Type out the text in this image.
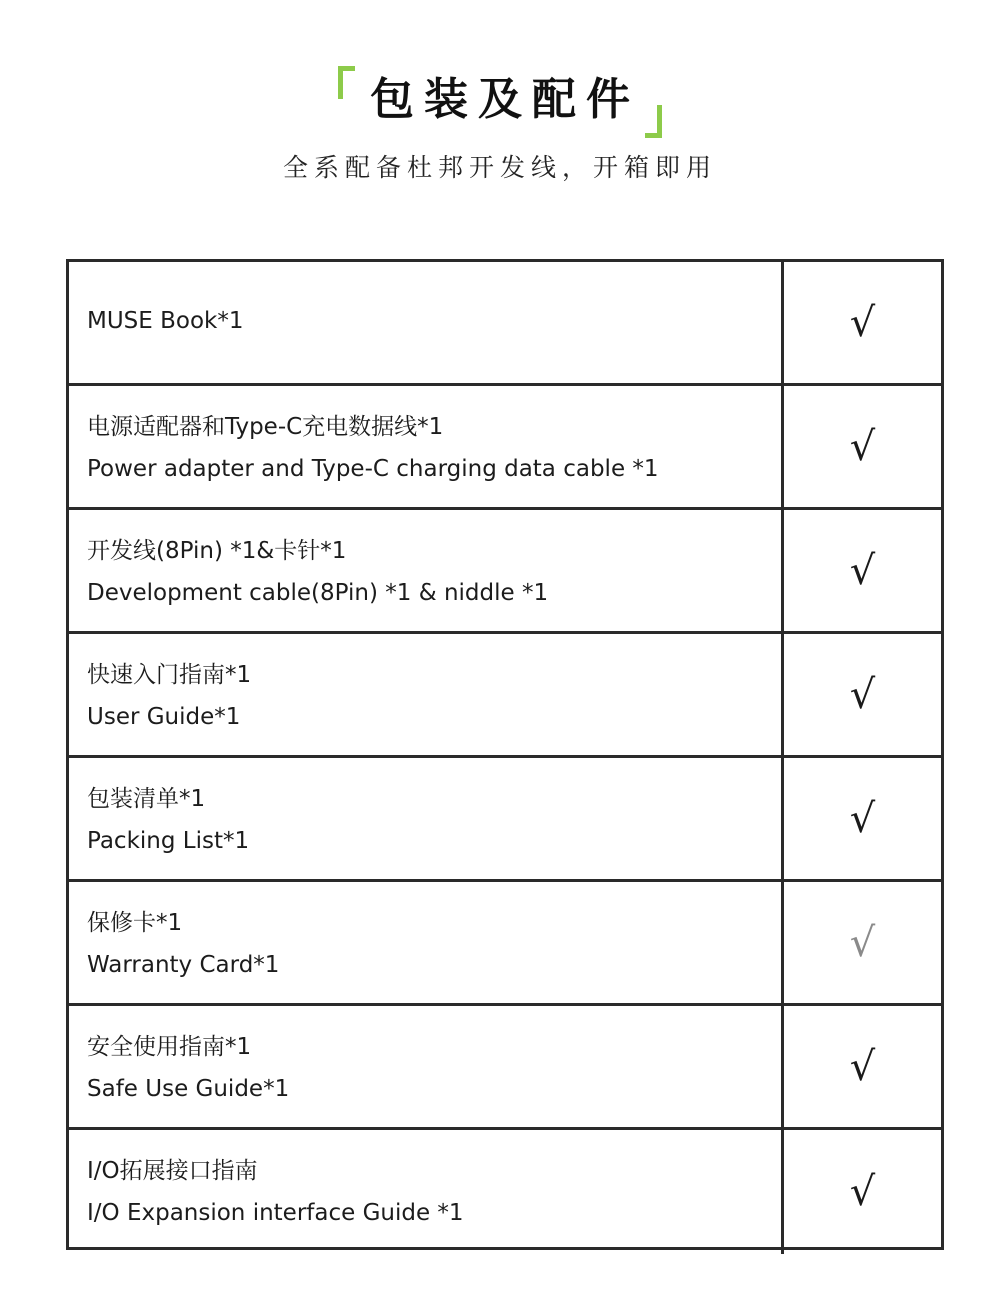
包装及配件
全系配备杜邦开发线，开箱即用
MUSE Book*1	√
电源适配器和Type-C充电数据线*1
Power adapter and Type-C charging data cable *1	√
开发线(8Pin) *1&卡针*1
Development cable(8Pin) *1 & niddle *1	√
快速入门指南*1
User Guide*1	√
包装清单*1
Packing List*1	√
保修卡*1
Warranty Card*1	√
安全使用指南*1
Safe Use Guide*1	√
I/O拓展接口指南
I/O Expansion interface Guide *1	√
